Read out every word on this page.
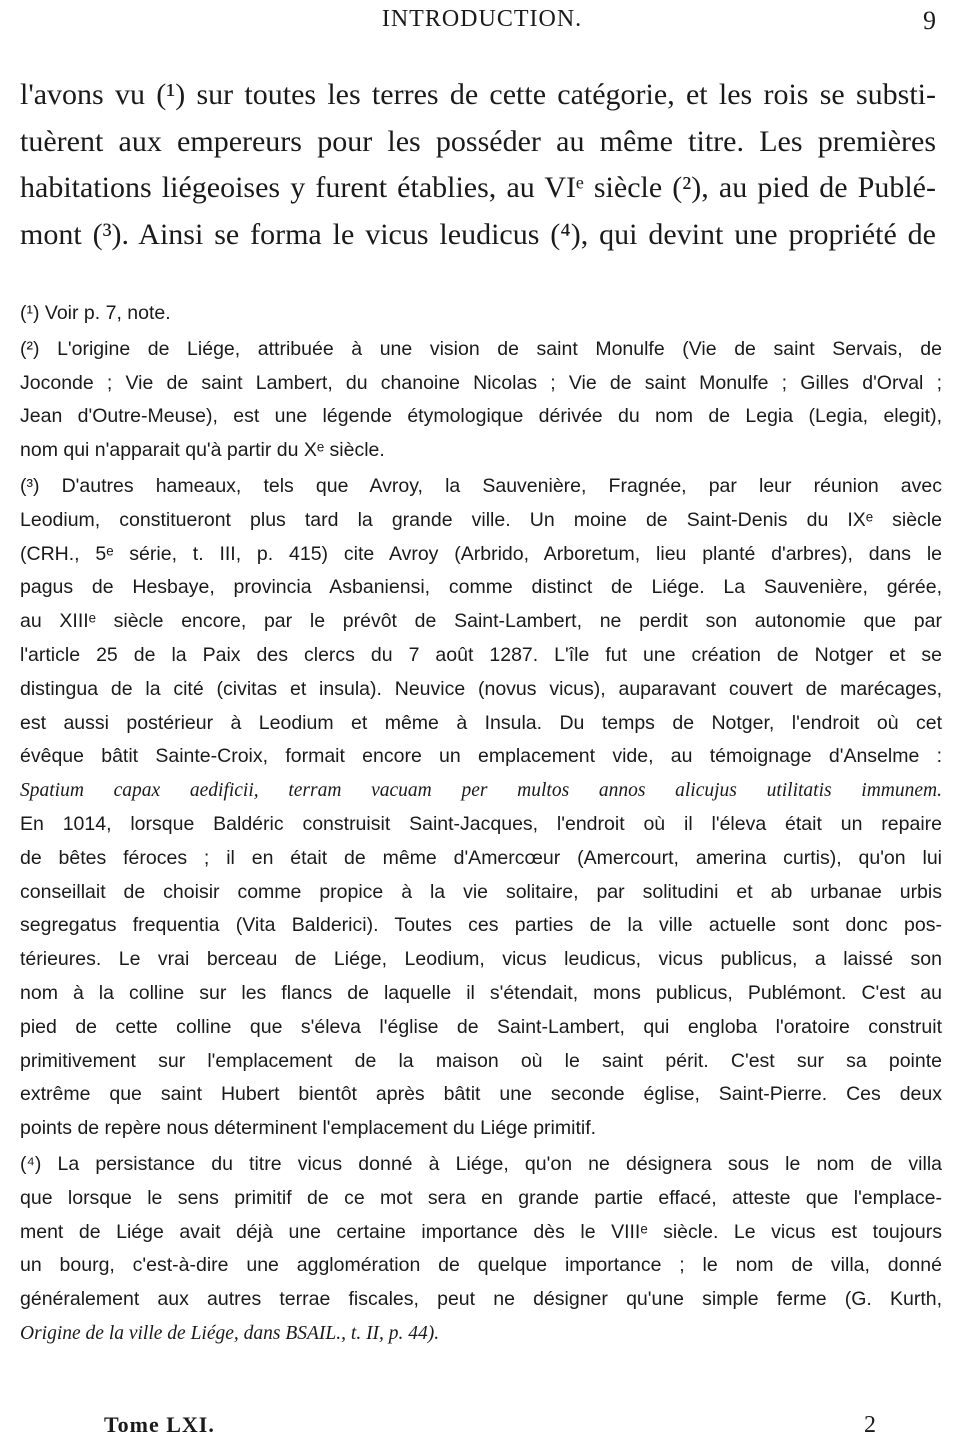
INTRODUCTION.	9
l'avons vu (¹) sur toutes les terres de cette catégorie, et les rois se substi-
tuèrent aux empereurs pour les posséder au même titre. Les premières
habitations liégeoises y furent établies, au VIᵉ siècle (²), au pied de Publé-
mont (³). Ainsi se forma le vicus leudicus (⁴), qui devint une propriété de
(¹) Voir p. 7, note.
(²) L'origine de Liége, attribuée à une vision de saint Monulfe (Vie de saint Servais, de
Joconde ; Vie de saint Lambert, du chanoine Nicolas ; Vie de saint Monulfe ; Gilles d'Orval ;
Jean d'Outre-Meuse), est une légende étymologique dérivée du nom de Legia (Legia, elegit),
nom qui n'apparait qu'à partir du Xᵉ siècle.
(³) D'autres hameaux, tels que Avroy, la Sauvenière, Fragnée, par leur réunion avec
Leodium, constitueront plus tard la grande ville. Un moine de Saint-Denis du IXᵉ siècle
(CRH., 5ᵉ série, t. III, p. 415) cite Avroy (Arbrido, Arboretum, lieu planté d'arbres), dans le
pagus de Hesbaye, provincia Asbaniensi, comme distinct de Liége. La Sauvenière, gérée,
au XIIIᵉ siècle encore, par le prévôt de Saint-Lambert, ne perdit son autonomie que par
l'article 25 de la Paix des clercs du 7 août 1287. L'île fut une création de Notger et se
distingua de la cité (civitas et insula). Neuvice (novus vicus), auparavant couvert de marécages,
est aussi postérieur à Leodium et même à Insula. Du temps de Notger, l'endroit où cet
évêque bâtit Sainte-Croix, formait encore un emplacement vide, au témoignage d'Anselme :
Spatium capax aedificii, terram vacuam per multos annos alicujus utilitatis immunem.
En 1014, lorsque Baldéric construisit Saint-Jacques, l'endroit où il l'éleva était un repaire
de bêtes féroces ; il en était de même d'Amercœur (Amercourt, amerina curtis), qu'on lui
conseillait de choisir comme propice à la vie solitaire, par solitudini et ab urbanae urbis
segregatus frequentia (Vita Balderici). Toutes ces parties de la ville actuelle sont donc pos-
térieures. Le vrai berceau de Liége, Leodium, vicus leudicus, vicus publicus, a laissé son
nom à la colline sur les flancs de laquelle il s'étendait, mons publicus, Publémont. C'est au
pied de cette colline que s'éleva l'église de Saint-Lambert, qui engloba l'oratoire construit
primitivement sur l'emplacement de la maison où le saint périt. C'est sur sa pointe
extrême que saint Hubert bientôt après bâtit une seconde église, Saint-Pierre. Ces deux
points de repère nous déterminent l'emplacement du Liége primitif.
(⁴) La persistance du titre vicus donné à Liége, qu'on ne désignera sous le nom de villa
que lorsque le sens primitif de ce mot sera en grande partie effacé, atteste que l'emplace-
ment de Liége avait déjà une certaine importance dès le VIIIᵉ siècle. Le vicus est toujours
un bourg, c'est-à-dire une agglomération de quelque importance ; le nom de villa, donné
généralement aux autres terrae fiscales, peut ne désigner qu'une simple ferme (G. Kurth,
Origine de la ville de Liége, dans BSAIL., t. II, p. 44).
Tome LXI.	2
